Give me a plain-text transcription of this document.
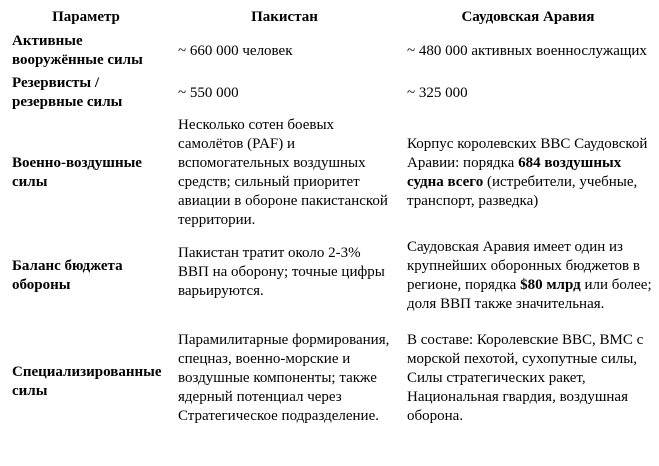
Параметр	Пакистан	Саудовская Аравия
Активные вооружённые силы	~ 660 000 человек	~ 480 000 активных военнослужащих
Резервисты / резервные силы	~ 550 000	~ 325 000
Военно-воздушные силы	Несколько сотен боевых самолётов (PAF) и вспомогательных воздушных средств; сильный приоритет авиации в обороне пакистанской территории.	Корпус королевских ВВС Саудовской Аравии: порядка 684 воздушных судна всего (истребители, учебные, транспорт, разведка)
Баланс бюджета обороны	Пакистан тратит около 2-3% ВВП на оборону; точные цифры варьируются.	Саудовская Аравия имеет один из крупнейших оборонных бюджетов в регионе, порядка $80 млрд или более; доля ВВП также значительная.
Специализированные силы	Парамилитарные формирования, спецназ, военно-морские и воздушные компоненты; также ядерный потенциал через Стратегическое подразделение.	В составе: Королевские ВВС, ВМС с морской пехотой, сухопутные силы, Силы стратегических ракет, Национальная гвардия, воздушная оборона.
